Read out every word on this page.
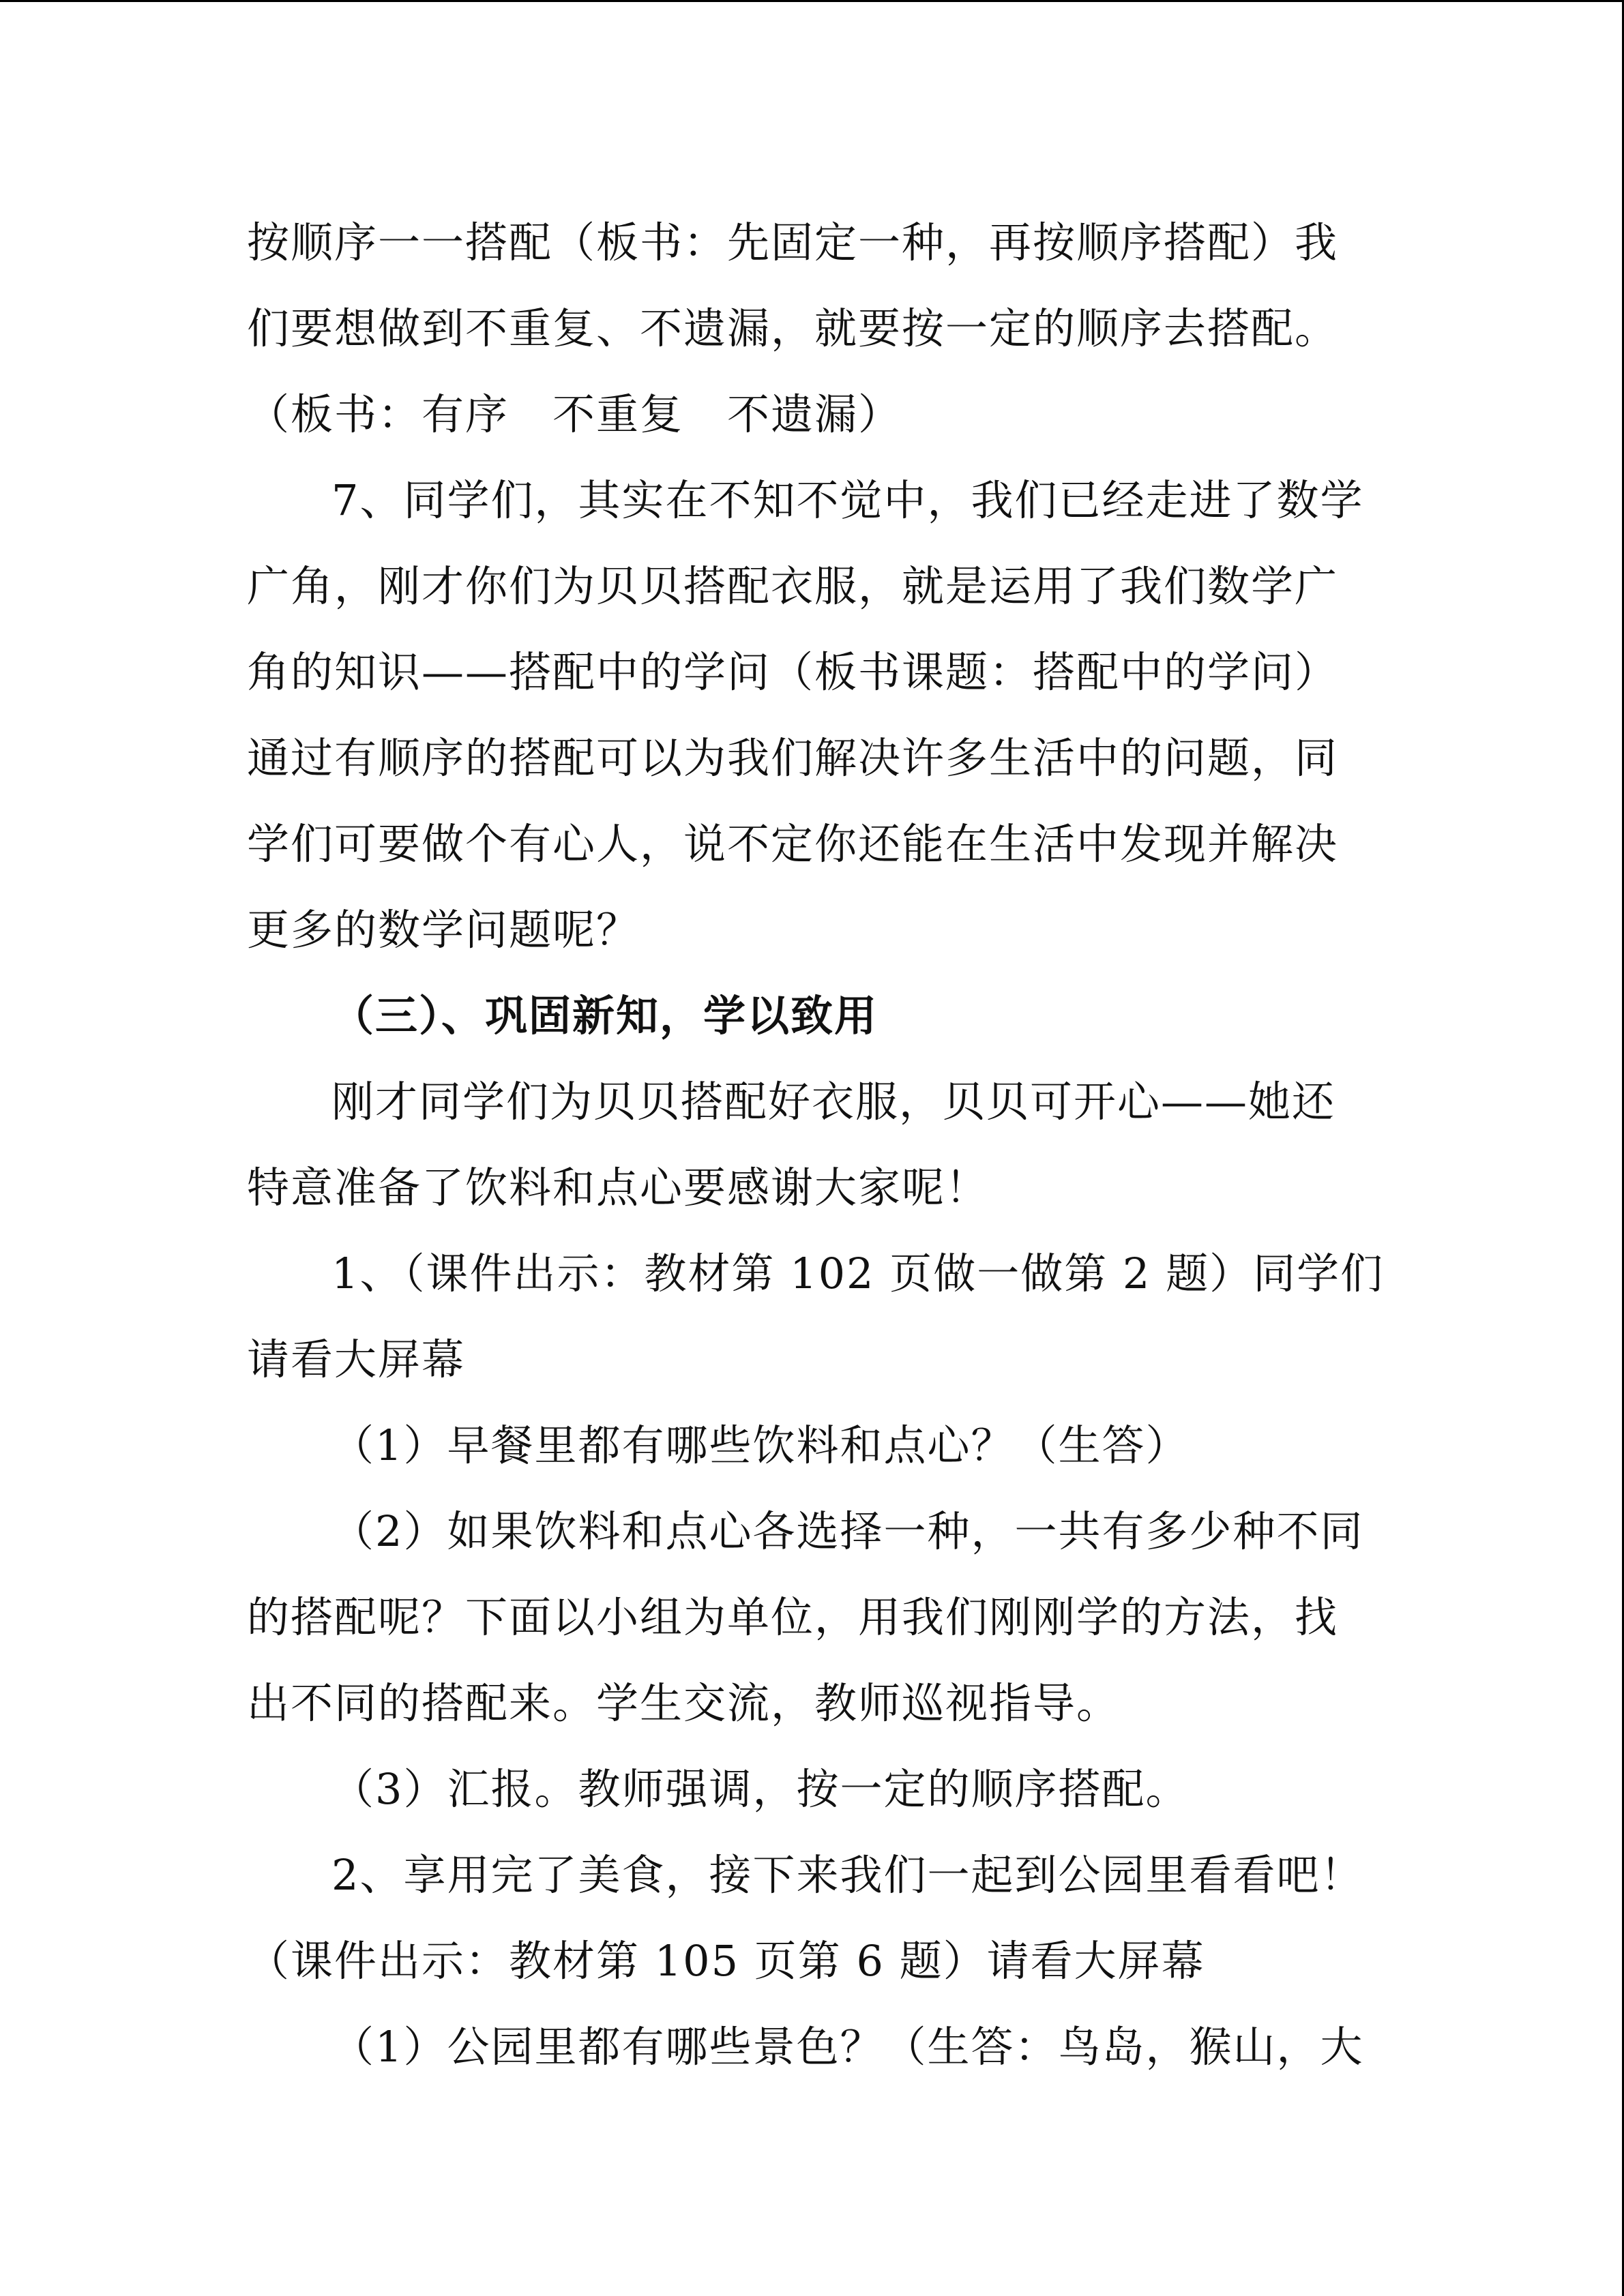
按顺序一一搭配（板书：先固定一种，再按顺序搭配）我
们要想做到不重复、不遗漏，就要按一定的顺序去搭配。
（板书：有序　不重复　不遗漏）
7、同学们，其实在不知不觉中，我们已经走进了数学
广角，刚才你们为贝贝搭配衣服，就是运用了我们数学广
角的知识——搭配中的学问（板书课题：搭配中的学问）
通过有顺序的搭配可以为我们解决许多生活中的问题，同
学们可要做个有心人，说不定你还能在生活中发现并解决
更多的数学问题呢？
（三）、巩固新知，学以致用
刚才同学们为贝贝搭配好衣服，贝贝可开心——她还
特意准备了饮料和点心要感谢大家呢！
1、（课件出示：教材第 102 页做一做第 2 题）同学们
请看大屏幕
（1）早餐里都有哪些饮料和点心？（生答）
（2）如果饮料和点心各选择一种，一共有多少种不同
的搭配呢？下面以小组为单位，用我们刚刚学的方法，找
出不同的搭配来。学生交流，教师巡视指导。
（3）汇报。教师强调，按一定的顺序搭配。
2、享用完了美食，接下来我们一起到公园里看看吧！
（课件出示：教材第 105 页第 6 题）请看大屏幕
（1）公园里都有哪些景色？（生答：鸟岛，猴山，大
